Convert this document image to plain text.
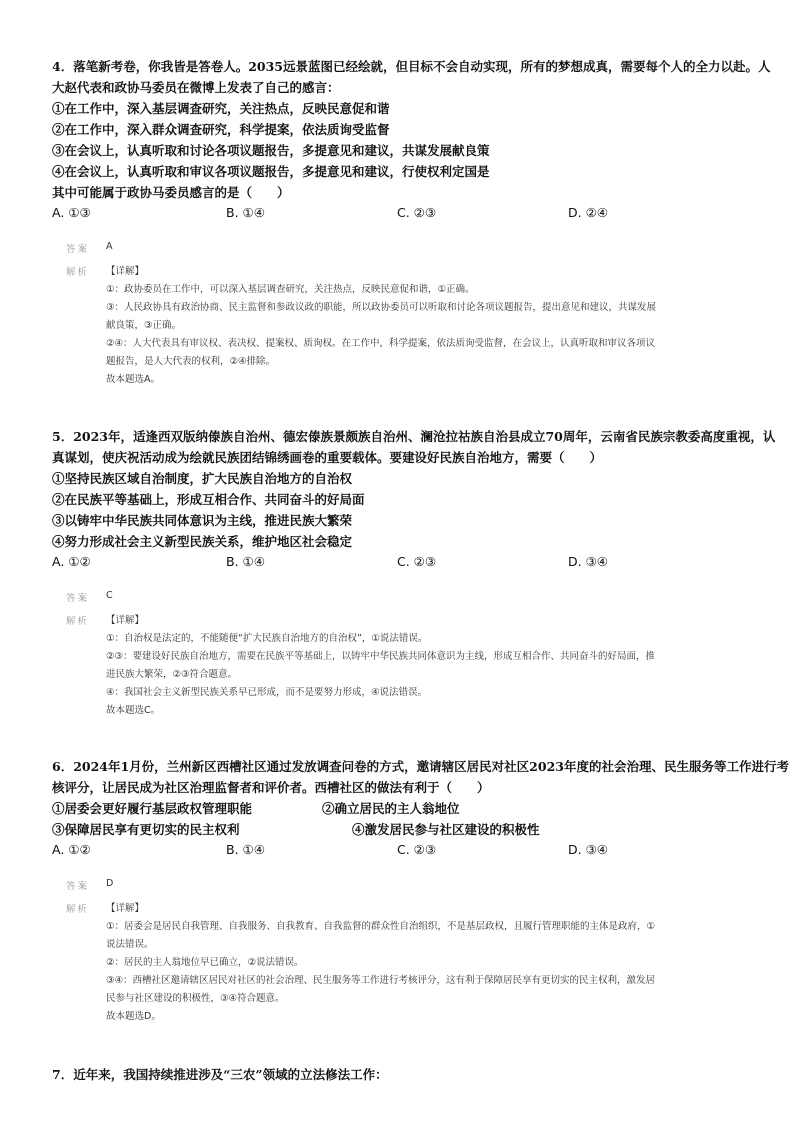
4．落笔新考卷，你我皆是答卷人。2035远景蓝图已经绘就，但目标不会自动实现，所有的梦想成真，需要每个人的全力以赴。人
大赵代表和政协马委员在微博上发表了自己的感言：
①在工作中，深入基层调查研究，关注热点，反映民意促和谐
②在工作中，深入群众调查研究，科学提案，依法质询受监督
③在会议上，认真听取和讨论各项议题报告，多提意见和建议，共谋发展献良策
④在会议上，认真听取和审议各项议题报告，多提意见和建议，行使权利定国是
其中可能属于政协马委员感言的是（　　）
A. ①③	B. ①④	C. ②③	D. ②④
答案 A
解析 【详解】
①：政协委员在工作中，可以深入基层调查研究，关注热点，反映民意促和谐，①正确。
③：人民政协具有政治协商、民主监督和参政议政的职能，所以政协委员可以听取和讨论各项议题报告，提出意见和建议，共谋发展
献良策，③正确。
②④：人大代表具有审议权、表决权、提案权、质询权。在工作中，科学提案，依法质询受监督，在会议上，认真听取和审议各项议
题报告，是人大代表的权利，②④排除。
故本题选A。
5．2023年，适逢西双版纳傣族自治州、德宏傣族景颇族自治州、澜沧拉祜族自治县成立70周年，云南省民族宗教委高度重视，认
真谋划，使庆祝活动成为绘就民族团结锦绣画卷的重要载体。要建设好民族自治地方，需要（　　）
①坚持民族区域自治制度，扩大民族自治地方的自治权
②在民族平等基础上，形成互相合作、共同奋斗的好局面
③以铸牢中华民族共同体意识为主线，推进民族大繁荣
④努力形成社会主义新型民族关系，维护地区社会稳定
A. ①②	B. ①④	C. ②③	D. ③④
答案 C
解析 【详解】
①：自治权是法定的，不能随便“扩大民族自治地方的自治权”，①说法错误。
②③：要建设好民族自治地方，需要在民族平等基础上，以铸牢中华民族共同体意识为主线，形成互相合作、共同奋斗的好局面，推
进民族大繁荣，②③符合题意。
④：我国社会主义新型民族关系早已形成，而不是要努力形成，④说法错误。
故本题选C。
6．2024年1月份，兰州新区西槽社区通过发放调查问卷的方式，邀请辖区居民对社区2023年度的社会治理、民生服务等工作进行考
核评分，让居民成为社区治理监督者和评价者。西槽社区的做法有利于（　　）
①居委会更好履行基层政权管理职能	②确立居民的主人翁地位
③保障居民享有更切实的民主权利	④激发居民参与社区建设的积极性
A. ①②	B. ①④	C. ②③	D. ③④
答案 D
解析 【详解】
①：居委会是居民自我管理、自我服务、自我教育、自我监督的群众性自治组织，不是基层政权，且履行管理职能的主体是政府，①
说法错误。
②：居民的主人翁地位早已确立，②说法错误。
③④：西槽社区邀请辖区居民对社区的社会治理、民生服务等工作进行考核评分，这有利于保障居民享有更切实的民主权利，激发居
民参与社区建设的积极性，③④符合题意。
故本题选D。
7．近年来，我国持续推进涉及“三农”领域的立法修法工作：
